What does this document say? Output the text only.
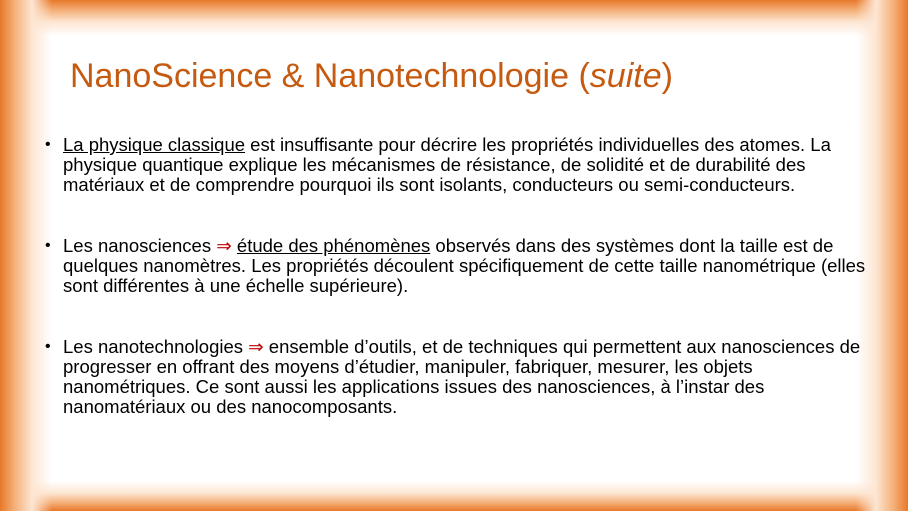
NanoScience & Nanotechnologie (suite)
• La physique classique est insuffisante pour décrire les propriétés individuelles des atomes. La physique quantique explique les mécanismes de résistance, de solidité et de durabilité des matériaux et de comprendre pourquoi ils sont isolants, conducteurs ou semi-conducteurs.
• Les nanosciences ⇒ étude des phénomènes observés dans des systèmes dont la taille est de quelques nanomètres. Les propriétés découlent spécifiquement de cette taille nanométrique (elles sont différentes à une échelle supérieure).
• Les nanotechnologies ⇒ ensemble d’outils, et de techniques qui permettent aux nanosciences de progresser en offrant des moyens d’étudier, manipuler, fabriquer, mesurer, les objets nanométriques. Ce sont aussi les applications issues des nanosciences, à l’instar des nanomatériaux ou des nanocomposants.
